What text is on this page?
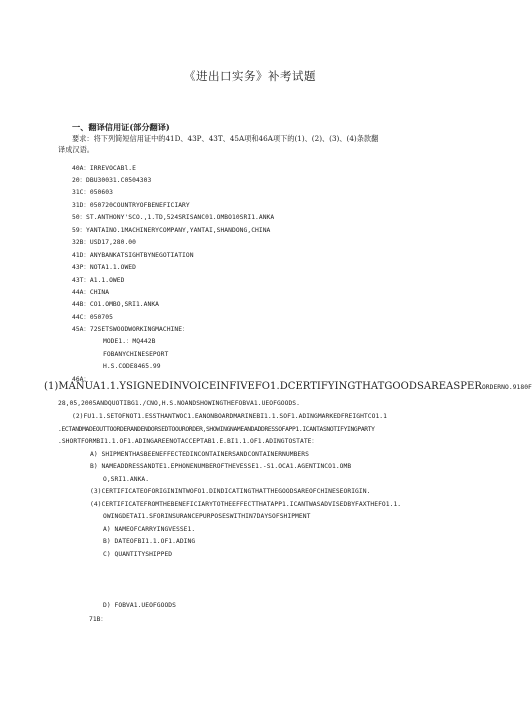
《进出口实务》补考试题
一、翻译信用证(部分翻译)
要求：将下列简短信用证中的41D、43P、43T、45A项和46A项下的(1)、(2)、(3)、(4)条款翻
译成汉语。
40A：IRREVOCABl.E
20：DBU30031.C0504303
31C：050603
31D：050720COUNTRYOFBENEFICIARY
50：ST.ANTHONY'SCO.,1.TD,524SRISANC01.OMBO10SRI1.ANKA
59：YANTAINO.1MACHINERYCOMPANY,YANTAI,SHANDONG,CHINA
32B：USD17,280.00
41D：ANYBANKATSIGHTBYNEGOTIATION
43P：NOTA1.1.OWED
43T：A1.1.OWED
44A：CHINA
44B：CO1.OMBO,SRI1.ANKA
44C：050705
45A：72SETSWOODWORKINGMACHINE：
MODE1.：MQ442B
FOBANYCHINESEPORT
H.S.CODE8465.99
46A：
(1)MANUA1.1.YSIGNEDINVOICEINFIVEFO1.DCERTIFYINGTHATGOODSAREASPERORDERNO.9180F
28,05,2005ANDQUOTIBG1./CNO,H.S.NOANDSHOWINGTHEFOBVA1.UEOFGOODS.
(2)FU1.1.SETOFNOT1.ESSTHANTWOC1.EANONBOARDMARINEBI1.1.SOF1.ADINGMARKEDFREIGHTCO1.1
.ECTANDMADEOUTTOORDERANDENDORSEDTOOURORDER,SHOWINGNAMEANDADDRESSOFAPP1.ICANTASNOTIFYINGPARTY
.SHORTFORMBI1.1.OF1.ADINGAREENOTACCEPTAB1.E.BI1.1.OF1.ADINGTOSTATE：
A) SHIPMENTHASBEENEFFECTEDINCONTAINERSANDCONTAINERNUMBERS
B) NAMEADDRESSANDTE1.EPHONENUMBEROFTHEVESSE1.-S1.OCA1.AGENTINCO1.OMB
O,SRI1.ANKA.
(3)CERTIFICATEOFORIGININTWOFO1.DINDICATINGTHATTHEGOODSAREOFCHINESEORIGIN.
(4)CERTIFICATEFROMTHEBENEFICIARYTOTHEEFFECTTHATAPP1.ICANTWASADVISEDBYFAXTHEFO1.1.
OWINGDETAI1.SFORINSURANCEPURPOSESWITHIN7DAYSOFSHIPMENT
A) NAMEOFCARRYINGVESSE1.
B) DATEOFBI1.1.OF1.ADING
C) QUANTITYSHIPPED
D) FOBVA1.UEOFGOODS
71B：
